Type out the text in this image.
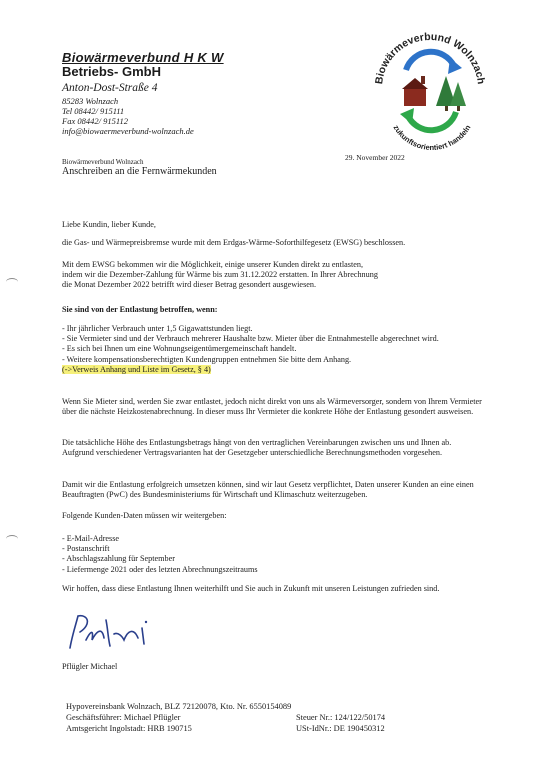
Biowärmeverbund H K W
Betriebs- GmbH
Anton-Dost-Straße 4
85283 Wolnzach
Tel 08442/ 915111
Fax 08442/ 915112
info@biowaermeverbund-wolnzach.de
Biowärmeverbund Wolnzach
zukunftsorientiert handeln
Biowärmeverbund Wolnzach
Anschreiben an die Fernwärmekunden
29. November 2022
Liebe Kundin, lieber Kunde,
die Gas- und Wärmepreisbremse wurde mit dem Erdgas-Wärme-Soforthilfegesetz (EWSG) beschlossen.

Mit dem EWSG bekommen wir die Möglichkeit, einige unserer Kunden direkt zu entlasten,

indem wir die Dezember-Zahlung für Wärme bis zum 31.12.2022 erstatten. In Ihrer Abrechnung

die Monat Dezember 2022 betrifft wird dieser Betrag gesondert ausgewiesen.

Sie sind von der Entlastung betroffen, wenn:

- Ihr jährlicher Verbrauch unter 1,5 Gigawattstunden liegt.

- Sie Vermieter sind und der Verbrauch mehrerer Haushalte bzw. Mieter über die Entnahmestelle abgerechnet wird.

- Es sich bei Ihnen um eine Wohnungseigentümergemeinschaft handelt.

- Weitere kompensationsberechtigten Kundengruppen entnehmen Sie bitte dem Anhang.

(->Verweis Anhang und Liste im Gesetz, § 4)

Wenn Sie Mieter sind, werden Sie zwar entlastet, jedoch nicht direkt von uns als Wärmeversorger, sondern von Ihrem Vermieter über die nächste Heizkostenabrechnung. In dieser muss Ihr Vermieter die konkrete Höhe der Entlastung gesondert ausweisen.
Die tatsächliche Höhe des Entlastungsbetrags hängt von den vertraglichen Vereinbarungen zwischen uns und Ihnen ab. Aufgrund verschiedener Vertragsvarianten hat der Gesetzgeber unterschiedliche Berechnungsmethoden vorgesehen.
Damit wir die Entlastung erfolgreich umsetzen können, sind wir laut Gesetz verpflichtet, Daten unserer Kunden an eine einen Beauftragten (PwC) des Bundesministeriums für Wirtschaft und Klimaschutz weiterzugeben.
Folgende Kunden-Daten müssen wir weitergeben:

- E-Mail-Adresse

- Postanschrift

- Abschlagszahlung für September

- Liefermenge 2021 oder des letzten Abrechnungszeitraums

Wir hoffen, dass diese Entlastung Ihnen weiterhilft und Sie auch in Zukunft mit unseren Leistungen zufrieden sind.
Pflügler Michael
Hypovereinsbank Wolnzach, BLZ 72120078, Kto. Nr. 6550154089
Geschäftsführer: Michael Pflügler
Amtsgericht Ingolstadt: HRB 190715
Steuer Nr.: 124/122/50174
USt-IdNr.: DE 190450312
